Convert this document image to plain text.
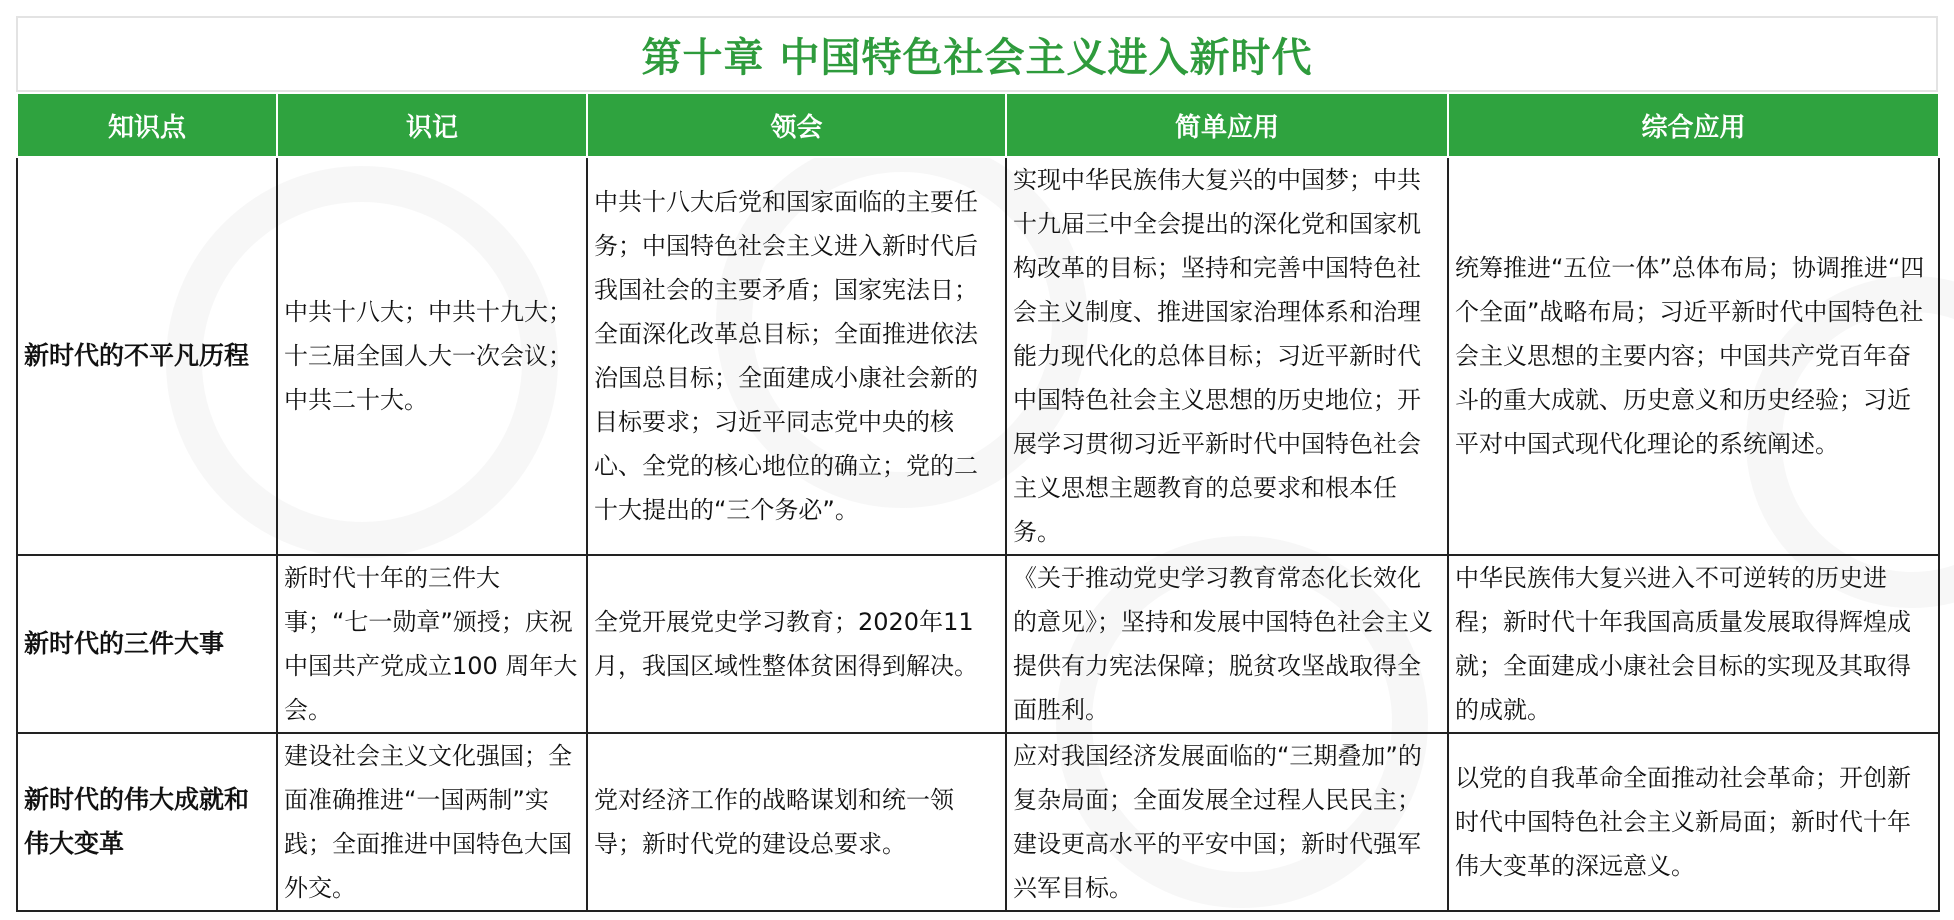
第十章 中国特色社会主义进入新时代
知识点	识记	领会	简单应用	综合应用
新时代的不平凡历程	中共十八大；中共十九大；十三届全国人大一次会议；中共二十大。	中共十八大后党和国家面临的主要任务；中国特色社会主义进入新时代后我国社会的主要矛盾；国家宪法日；全面深化改革总目标；全面推进依法治国总目标；全面建成小康社会新的目标要求；习近平同志党中央的核心、全党的核心地位的确立；党的二十大提出的“三个务必”。	实现中华民族伟大复兴的中国梦；中共十九届三中全会提出的深化党和国家机构改革的目标；坚持和完善中国特色社会主义制度、推进国家治理体系和治理能力现代化的总体目标；习近平新时代中国特色社会主义思想的历史地位；开展学习贯彻习近平新时代中国特色社会主义思想主题教育的总要求和根本任务。	统筹推进“五位一体”总体布局；协调推进“四个全面”战略布局；习近平新时代中国特色社会主义思想的主要内容；中国共产党百年奋斗的重大成就、历史意义和历史经验；习近平对中国式现代化理论的系统阐述。
新时代的三件大事	新时代十年的三件大事；“七一勋章”颁授；庆祝中国共产党成立100 周年大会。	全党开展党史学习教育；2020年11月，我国区域性整体贫困得到解决。	《关于推动党史学习教育常态化长效化的意见》；坚持和发展中国特色社会主义提供有力宪法保障；脱贫攻坚战取得全面胜利。	中华民族伟大复兴进入不可逆转的历史进程；新时代十年我国高质量发展取得辉煌成就；全面建成小康社会目标的实现及其取得的成就。
新时代的伟大成就和伟大变革	建设社会主义文化强国；全面准确推进“一国两制”实践；全面推进中国特色大国外交。	党对经济工作的战略谋划和统一领导；新时代党的建设总要求。	应对我国经济发展面临的“三期叠加”的复杂局面；全面发展全过程人民民主；建设更高水平的平安中国；新时代强军兴军目标。	以党的自我革命全面推动社会革命；开创新时代中国特色社会主义新局面；新时代十年伟大变革的深远意义。
